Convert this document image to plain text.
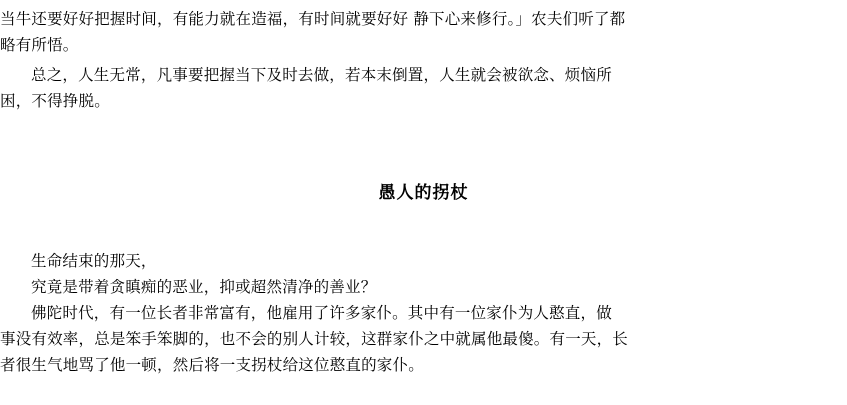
当牛还要好好把握时间，有能力就在造福，有时间就要好好 静下心来修行。」农夫们听了都
略有所悟。
总之，人生无常，凡事要把握当下及时去做，若本末倒置，人生就会被欲念、烦恼所
困，不得挣脱。
愚人的拐杖
生命结束的那天，
究竟是带着贪瞋痴的恶业，抑或超然清净的善业？
佛陀时代，有一位长者非常富有，他雇用了许多家仆。其中有一位家仆为人憨直，做
事没有效率，总是笨手笨脚的，也不会的别人计较，这群家仆之中就属他最傻。有一天，长
者很生气地骂了他一顿，然后将一支拐杖给这位憨直的家仆。
